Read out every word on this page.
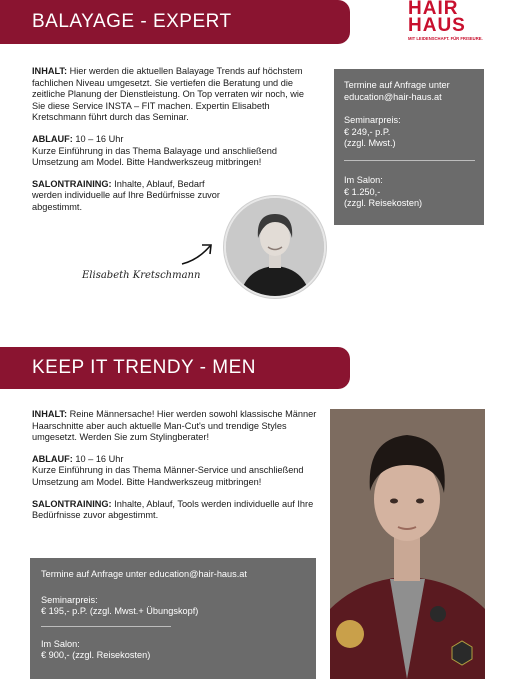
BALAYAGE - EXPERT
HAIR
HAUS
MIT LEIDENSCHAFT. FÜR FRISEURE.

INHALT: Hier werden die aktuellen Balayage Trends auf höchstem fachlichen Niveau umgesetzt. Sie vertiefen die Beratung und die zeitliche Planung der Dienstleistung. On Top verraten wir noch, wie Sie diese Service INSTA – FIT machen. Expertin Elisabeth Kretschmann führt durch das Seminar.

ABLAUF: 10 – 16 Uhr
Kurze Einführung in das Thema Balayage und anschließend Umsetzung am Model. Bitte Handwerkszeug mitbringen!

SALONTRAINING: Inhalte, Ablauf, Bedarf werden individuelle auf Ihre Bedürfnisse zuvor abgestimmt.

Termine auf Anfrage unter education@hair-haus.at
Seminarpreis:
€ 249,- p.P.
(zzgl. Mwst.)
Im Salon:
€ 1.250,-
(zzgl. Reisekosten)
Elisabeth Kretschmann
KEEP IT TRENDY - MEN

INHALT: Reine Männersache! Hier werden sowohl klassische Männer Haarschnitte aber auch aktuelle Man-Cut's und trendige Styles umgesetzt. Werden Sie zum Stylingberater!

ABLAUF: 10 – 16 Uhr
Kurze Einführung in das Thema Männer-Service und anschließend Umsetzung am Model. Bitte Handwerkszeug mitbringen!

SALONTRAINING: Inhalte, Ablauf, Tools werden individuelle auf Ihre Bedürfnisse zuvor abgestimmt.

Termine auf Anfrage unter education@hair-haus.at
Seminarpreis:
€ 195,- p.P. (zzgl. Mwst.+ Übungskopf)
Im Salon:
€ 900,- (zzgl. Reisekosten)
